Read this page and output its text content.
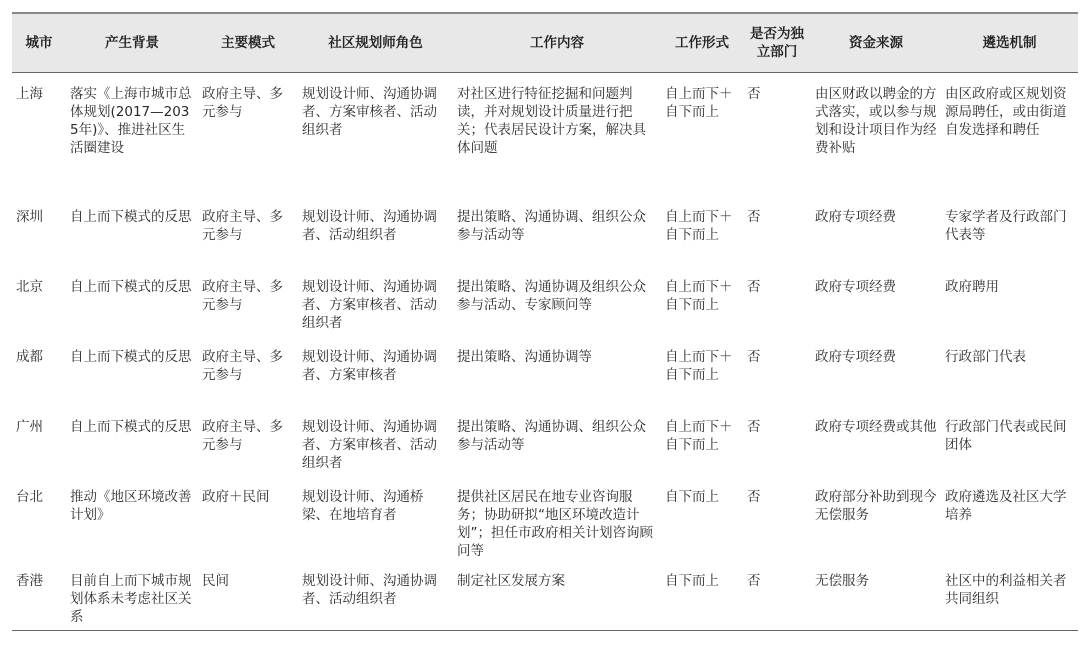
城市	产生背景	主要模式	社区规划师角色	工作内容	工作形式	是否为独立部门	资金来源	遴选机制
上海	落实《上海市城市总体规划(2017—2035年)》、推进社区生活圈建设	政府主导、多元参与	规划设计师、沟通协调者、方案审核者、活动组织者	对社区进行特征挖掘和问题判读，并对规划设计质量进行把关；代表居民设计方案，解决具体问题	自上而下＋自下而上	否	由区财政以聘金的方式落实，或以参与规划和设计项目作为经费补贴	由区政府或区规划资源局聘任，或由街道自发选择和聘任
深圳	自上而下模式的反思	政府主导、多元参与	规划设计师、沟通协调者、活动组织者	提出策略、沟通协调、组织公众参与活动等	自上而下＋自下而上	否	政府专项经费	专家学者及行政部门代表等
北京	自上而下模式的反思	政府主导、多元参与	规划设计师、沟通协调者、方案审核者、活动组织者	提出策略、沟通协调及组织公众参与活动、专家顾问等	自上而下＋自下而上	否	政府专项经费	政府聘用
成都	自上而下模式的反思	政府主导、多元参与	规划设计师、沟通协调者、方案审核者	提出策略、沟通协调等	自上而下＋自下而上	否	政府专项经费	行政部门代表
广州	自上而下模式的反思	政府主导、多元参与	规划设计师、沟通协调者、方案审核者、活动组织者	提出策略、沟通协调、组织公众参与活动等	自上而下＋自下而上	否	政府专项经费或其他	行政部门代表或民间团体
台北	推动《地区环境改善计划》	政府＋民间	规划设计师、沟通桥梁、在地培育者	提供社区居民在地专业咨询服务；协助研拟“地区环境改造计划”；担任市政府相关计划咨询顾问等	自下而上	否	政府部分补助到现今无偿服务	政府遴选及社区大学培养
香港	目前自上而下城市规划体系未考虑社区关系	民间	规划设计师、沟通协调者、活动组织者	制定社区发展方案	自下而上	否	无偿服务	社区中的利益相关者共同组织
